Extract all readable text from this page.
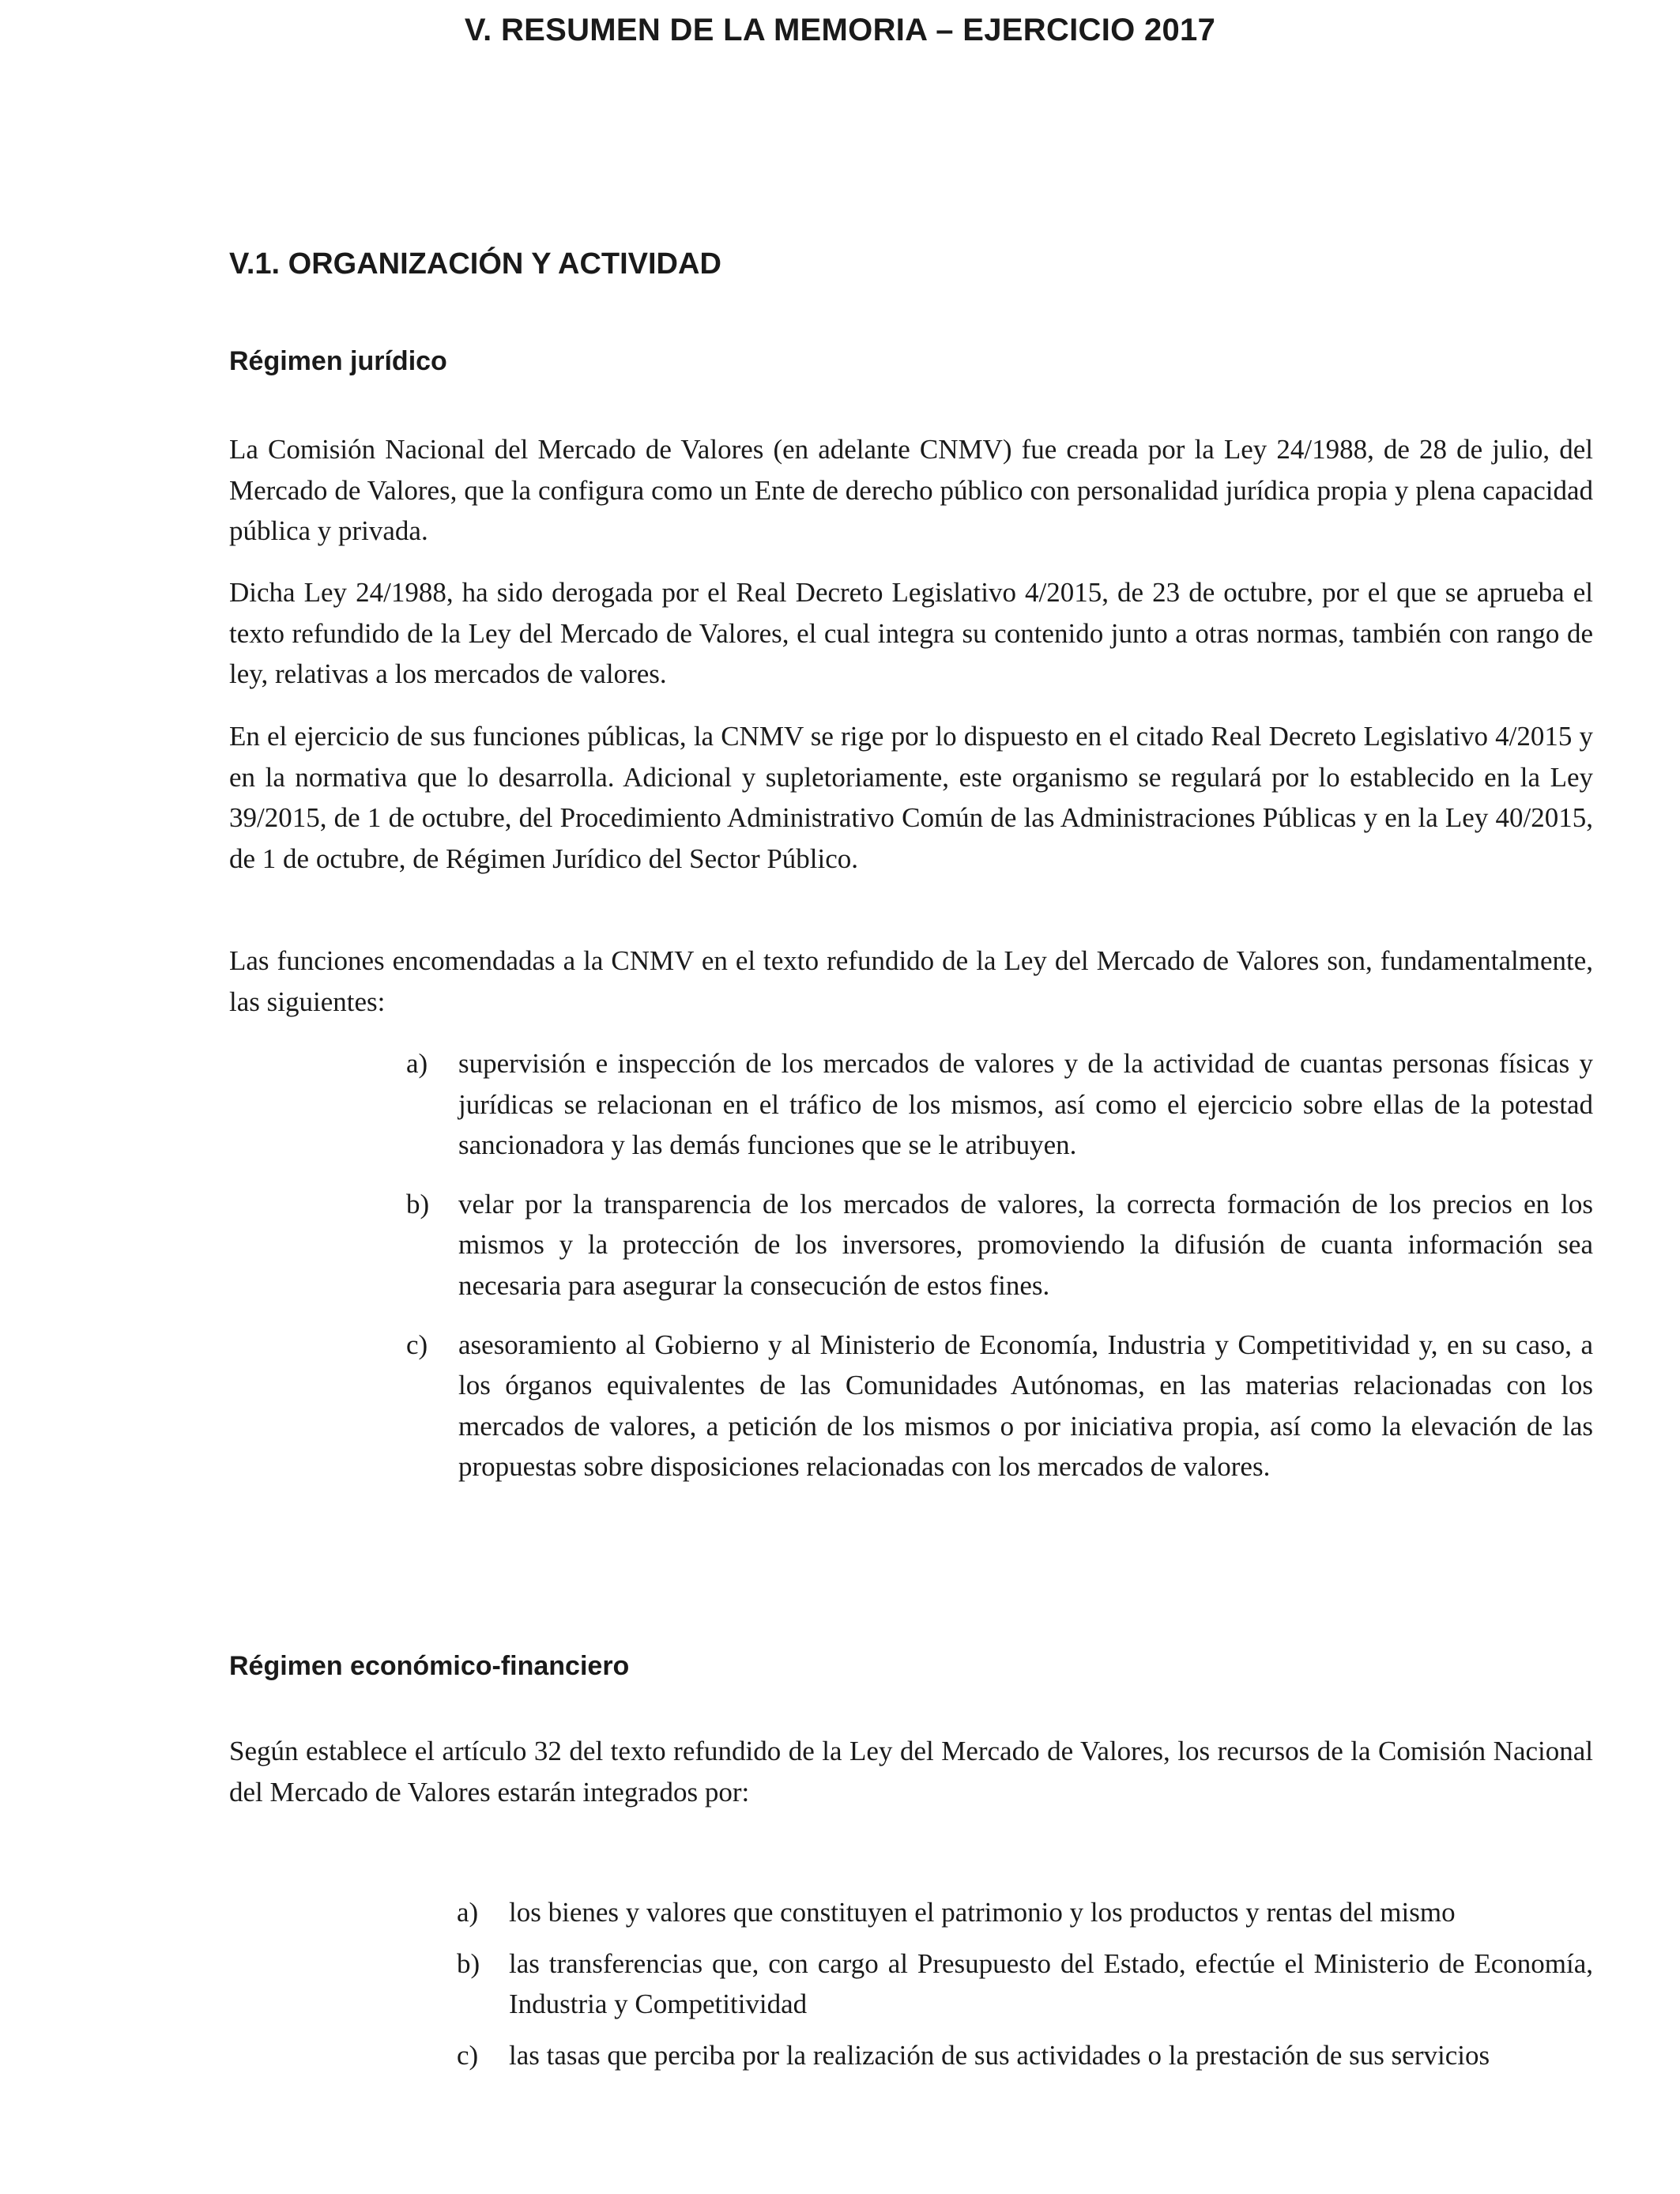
V. RESUMEN DE LA MEMORIA – EJERCICIO 2017
V.1. ORGANIZACIÓN Y ACTIVIDAD
Régimen jurídico

La Comisión Nacional del Mercado de Valores (en adelante CNMV) fue creada por la Ley 24/1988, de 28 de julio, del Mercado de Valores, que la configura como un Ente de derecho público con personalidad jurídica propia y plena capacidad pública y privada.

Dicha Ley 24/1988, ha sido derogada por el Real Decreto Legislativo 4/2015, de 23 de octubre, por el que se aprueba el texto refundido de la Ley del Mercado de Valores, el cual integra su contenido junto a otras normas, también con rango de ley, relativas a los mercados de valores.

En el ejercicio de sus funciones públicas, la CNMV se rige por lo dispuesto en el citado Real Decreto Legislativo 4/2015 y en la normativa que lo desarrolla. Adicional y supletoriamente, este organismo se regulará por lo establecido en la Ley 39/2015, de 1 de octubre, del Procedimiento Administrativo Común de las Administraciones Públicas y en la Ley 40/2015, de 1 de octubre, de Régimen Jurídico del Sector Público.

Las funciones encomendadas a la CNMV en el texto refundido de la Ley del Mercado de Valores son, fundamentalmente, las siguientes:

a) supervisión e inspección de los mercados de valores y de la actividad de cuantas personas físicas y jurídicas se relacionan en el tráfico de los mismos, así como el ejercicio sobre ellas de la potestad sancionadora y las demás funciones que se le atribuyen.
b) velar por la transparencia de los mercados de valores, la correcta formación de los precios en los mismos y la protección de los inversores, promoviendo la difusión de cuanta información sea necesaria para asegurar la consecución de estos fines.
c) asesoramiento al Gobierno y al Ministerio de Economía, Industria y Competitividad y, en su caso, a los órganos equivalentes de las Comunidades Autónomas, en las materias relacionadas con los mercados de valores, a petición de los mismos o por iniciativa propia, así como la elevación de las propuestas sobre disposiciones relacionadas con los mercados de valores.
Régimen económico-financiero

Según establece el artículo 32 del texto refundido de la Ley del Mercado de Valores, los recursos de la Comisión Nacional del Mercado de Valores estarán integrados por:

a) los bienes y valores que constituyen el patrimonio y los productos y rentas del mismo
b) las transferencias que, con cargo al Presupuesto del Estado, efectúe el Ministerio de Economía, Industria y Competitividad
c) las tasas que perciba por la realización de sus actividades o la prestación de sus servicios
